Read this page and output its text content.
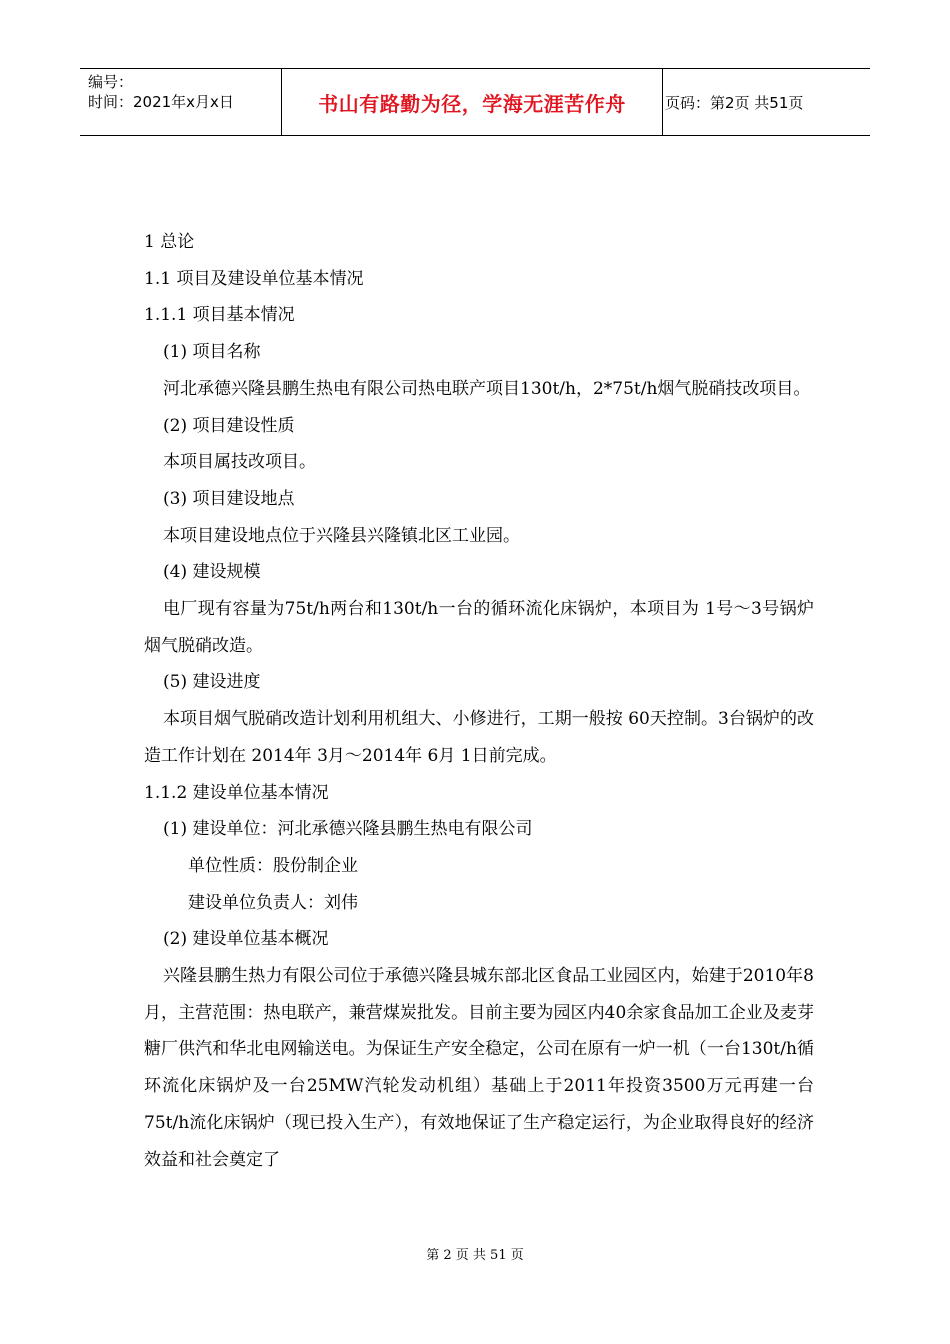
编号：
时间：2021年x月x日	书山有路勤为径，学海无涯苦作舟	页码：第2页 共51页

1 总论

1.1 项目及建设单位基本情况

1.1.1 项目基本情况

(1) 项目名称

河北承德兴隆县鹏生热电有限公司热电联产项目130t/h，2*75t/h烟气脱硝技改项目。

(2) 项目建设性质

本项目属技改项目。

(3) 项目建设地点

本项目建设地点位于兴隆县兴隆镇北区工业园。

(4) 建设规模

电厂现有容量为75t/h两台和130t/h一台的循环流化床锅炉，本项目为 1号～3号锅炉烟气脱硝改造。

(5) 建设进度

本项目烟气脱硝改造计划利用机组大、小修进行，工期一般按 60天控制。3台锅炉的改造工作计划在 2014年 3月～2014年 6月 1日前完成。

1.1.2 建设单位基本情况

(1) 建设单位：河北承德兴隆县鹏生热电有限公司

单位性质：股份制企业

建设单位负责人：刘伟

(2) 建设单位基本概况

兴隆县鹏生热力有限公司位于承德兴隆县城东部北区食品工业园区内，始建于2010年8月，主营范围：热电联产，兼营煤炭批发。目前主要为园区内40余家食品加工企业及麦芽糖厂供汽和华北电网输送电。为保证生产安全稳定，公司在原有一炉一机（一台130t/h循环流化床锅炉及一台25MW汽轮发动机组）基础上于2011年投资3500万元再建一台75t/h流化床锅炉（现已投入生产），有效地保证了生产稳定运行，为企业取得良好的经济效益和社会奠定了

第 2 页 共 51 页
